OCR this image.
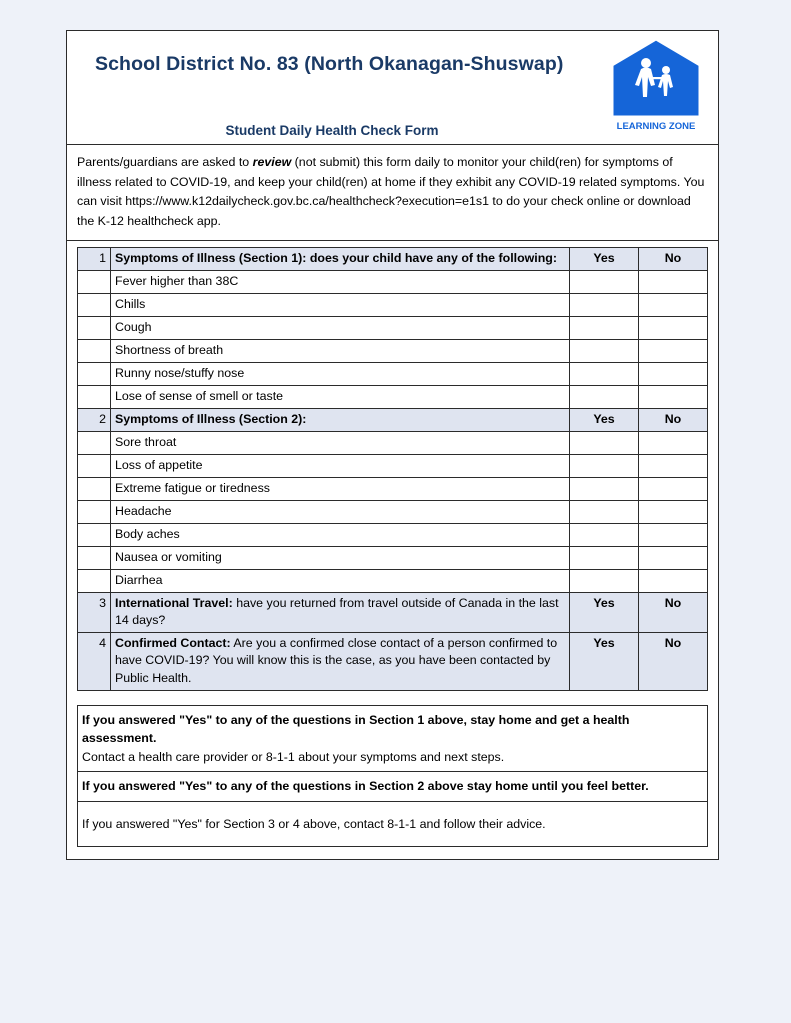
School District No. 83 (North Okanagan-Shuswap)
Student Daily Health Check Form	LEARNING ZONE
Parents/guardians are asked to review (not submit) this form daily to monitor your child(ren) for symptoms of illness related to COVID-19, and keep your child(ren) at home if they exhibit any COVID-19 related symptoms. You can visit https://www.k12dailycheck.gov.bc.ca/healthcheck?execution=e1s1 to do your check online or download the K-12 healthcheck app.
1	Symptoms of Illness (Section 1): does your child have any of the following:	Yes	No
	Fever higher than 38C		
	Chills		
	Cough		
	Shortness of breath		
	Runny nose/stuffy nose		
	Lose of sense of smell or taste		
2	Symptoms of Illness (Section 2):	Yes	No
	Sore throat		
	Loss of appetite		
	Extreme fatigue or tiredness		
	Headache		
	Body aches		
	Nausea or vomiting		
	Diarrhea		
3	International Travel: have you returned from travel outside of Canada in the last 14 days?	Yes	No
4	Confirmed Contact: Are you a confirmed close contact of a person confirmed to have COVID-19? You will know this is the case, as you have been contacted by Public Health.	Yes	No
If you answered "Yes" to any of the questions in Section 1 above, stay home and get a health assessment.
Contact a health care provider or 8-1-1 about your symptoms and next steps.
If you answered "Yes" to any of the questions in Section 2 above stay home until you feel better.
If you answered "Yes" for Section 3 or 4 above, contact 8-1-1 and follow their advice.
